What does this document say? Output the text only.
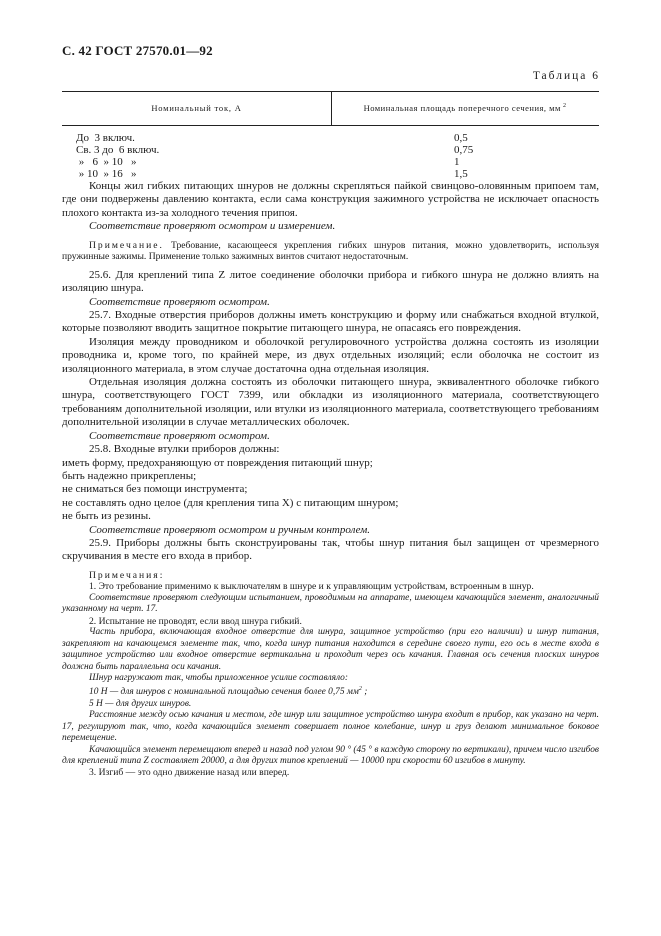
С. 42 ГОСТ 27570.01—92
Таблица 6
Номинальный ток, А	Номинальная площадь поперечного сечения, мм $^2$
До  3 включ.	0,5
Св. 3 до  6 включ.	0,75
»   6  » 10   »	1
» 10  » 16   »	1,5

Концы жил гибких питающих шнуров не должны скрепляться пайкой свинцово-оловянным припоем там, где они подвержены давлению контакта, если сама конструкция зажимного устройства не исключает опасность плохого контакта из-за холодного течения припоя.

Соответствие проверяют осмотром и измерением.

Примечание. Требование, касающееся укрепления гибких шнуров питания, можно удовлетворить, используя пружинные зажимы. Применение только зажимных винтов считают недостаточным.

25.6. Для креплений типа Z литое соединение оболочки прибора и гибкого шнура не должно влиять на изоляцию шнура.

Соответствие проверяют осмотром.

25.7. Входные отверстия приборов должны иметь конструкцию и форму или снабжаться входной втулкой, которые позволяют вводить защитное покрытие питающего шнура, не опасаясь его повреждения.

Изоляция между проводником и оболочкой регулировочного устройства должна состоять из изоляции проводника и, кроме того, по крайней мере, из двух отдельных изоляций; если оболочка не состоит из изоляционного материала, в этом случае достаточна одна отдельная изоляция.

Отдельная изоляция должна состоять из оболочки питающего шнура, эквивалентного оболочке гибкого шнура, соответствующего ГОСТ 7399, или обкладки из изоляционного материала, соответствующего требованиям дополнительной изоляции, или втулки из изоляционного материала, соответствующего требованиям дополнительной изоляции в случае металлических оболочек.

Соответствие проверяют осмотром.

25.8. Входные втулки приборов должны:

иметь форму, предохраняющую от повреждения питающий шнур;

быть надежно прикреплены;

не сниматься без помощи инструмента;

не составлять одно целое (для крепления типа X) с питающим шнуром;

не быть из резины.

Соответствие проверяют осмотром и ручным контролем.

25.9. Приборы должны быть сконструированы так, чтобы шнур питания был защищен от чрезмерного скручивания в месте его входа в прибор.

Примечания:

1. Это требование применимо к выключателям в шнуре и к управляющим устройствам, встроенным в шнур.

Соответствие проверяют следующим испытанием, проводимым на аппарате, имеющем качающийся элемент, аналогичный указанному на черт. 17.

2. Испытание не проводят, если ввод шнура гибкий.

Часть прибора, включающая входное отверстие для шнура, защитное устройство (при его наличии) и шнур питания, закрепляют на качающемся элементе так, что, когда шнур питания находится в середине своего пути, его ось в месте входа в защитное устройство или входное отверстие вертикальна и проходит через ось качания. Главная ось сечения плоских шнуров должна быть параллельна оси качания.

Шнур нагружают так, чтобы приложенное усилие составляло:

10 Н — для шнуров с номинальной площадью сечения более 0,75 $мм^2$ ;

5 Н — для других шнуров.

Расстояние между осью качания и местом, где шнур или защитное устройство шнура входит в прибор, как указано на черт. 17, регулируют так, что, когда качающийся элемент совершает полное колебание, шнур и груз делают минимальное боковое перемещение.

Качающийся элемент перемещают вперед и назад под углом 90 ° (45 ° в каждую сторону по вертикали), причем число изгибов для креплений типа Z составляет 20000, а для других типов креплений — 10000 при скорости 60 изгибов в минуту.

3. Изгиб — это одно движение назад или вперед.
